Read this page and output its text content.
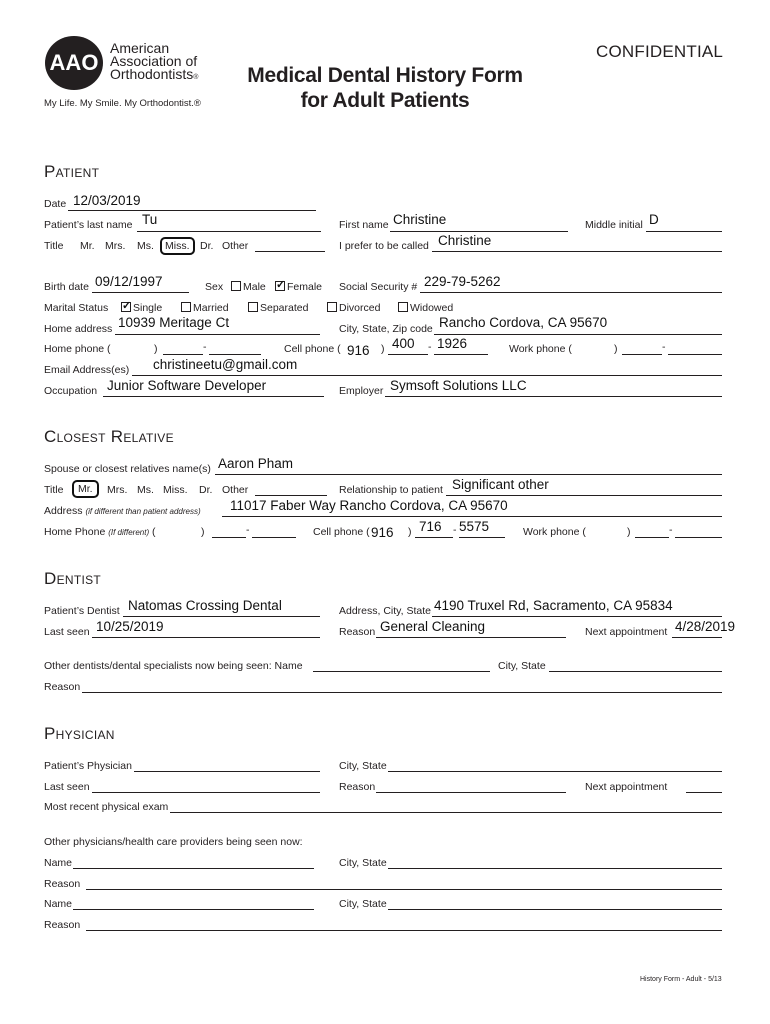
AAO
American
Association of
Orthodontists®
My Life. My Smile. My Orthodontist.®
Medical Dental History Form
for Adult Patients
CONFIDENTIAL
Patient
Date 12/03/2019
Patient’s last name Tu	First name Christine	Middle initial D
Title Mr. Mrs. Ms.	Miss.	Dr. Other	I prefer to be called Christine
Birth date 09/12/1997	Sex	Male ✓	Female Social Security # 229-79-5262
Marital Status ✓	Single	Married	Separated	Divorced	Widowed
Home address 10939 Meritage Ct	City, State, Zip code Rancho Cordova, CA 95670
Home phone (	)	-	Cell phone ( 916 ) 400 - 1926	Work phone (	)	-
Email Address(es) christineetu@gmail.com
Occupation Junior Software Developer	Employer Symsoft Solutions LLC
Closest Relative
Spouse or closest relatives name(s) Aaron Pham
Title	Mr.	Mrs. Ms. Miss. Dr. Other	Relationship to patient Significant other
Address (if different than patient address) 11017 Faber Way Rancho Cordova, CA 95670
Home Phone (If different) (	)	-	Cell phone ( 916 ) 716 - 5575	Work phone (	)	-
Dentist
Patient’s Dentist Natomas Crossing Dental	Address, City, State 4190 Truxel Rd, Sacramento, CA 95834
Last seen 10/25/2019	Reason General Cleaning	Next appointment 4/28/2019
Other dentists/dental specialists now being seen: Name	City, State
Reason
Physician
Patient’s Physician	City, State
Last seen	Reason	Next appointment
Most recent physical exam
Other physicians/health care providers being seen now:
Name	City, State
Reason
Name	City, State
Reason
History Form - Adult - 5/13
